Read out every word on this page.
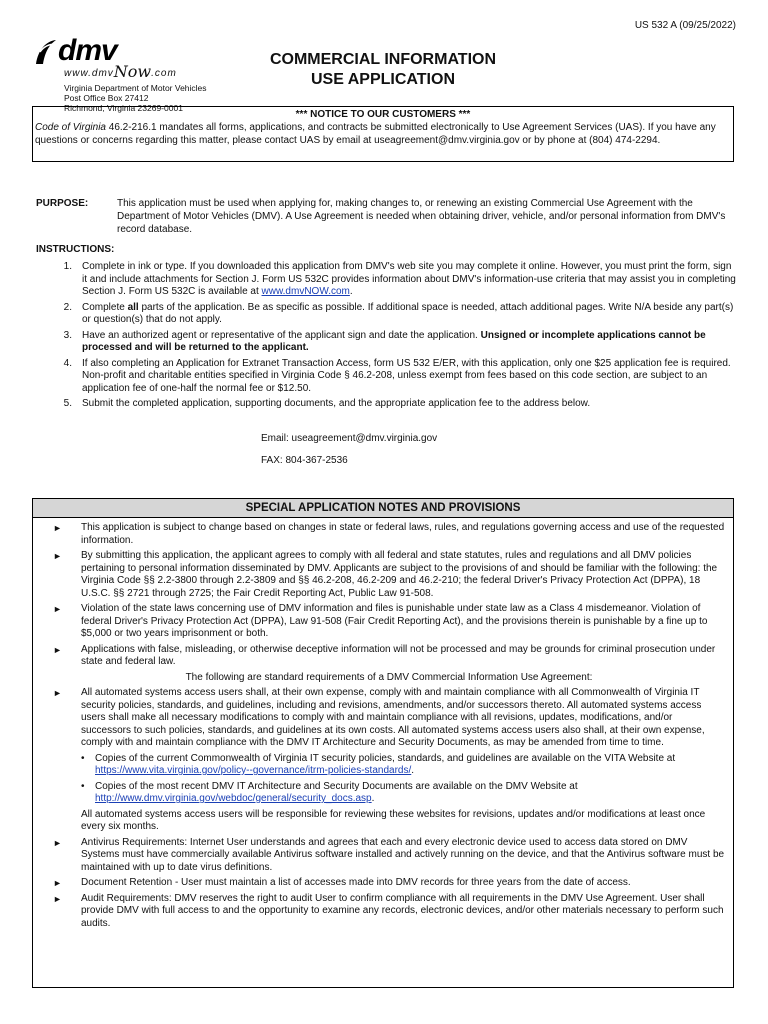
US 532 A (09/25/2022)
dmv
www.dmv Now .com
Virginia Department of Motor Vehicles
Post Office Box 27412
Richmond, Virginia 23269-0001
COMMERCIAL INFORMATION
USE APPLICATION
*** NOTICE TO OUR CUSTOMERS ***
Code of Virginia 46.2-216.1 mandates all forms, applications, and contracts be submitted electronically to Use Agreement Services (UAS). If you have any questions or concerns regarding this matter, please contact UAS by email at useagreement@dmv.virginia.gov or by phone at (804) 474-2294.
PURPOSE:	This application must be used when applying for, making changes to, or renewing an existing Commercial Use Agreement with the Department of Motor Vehicles (DMV). A Use Agreement is needed when obtaining driver, vehicle, and/or personal information from DMV's record database.
INSTRUCTIONS:
1.	Complete in ink or type. If you downloaded this application from DMV's web site you may complete it online. However, you must print the form, sign it and include attachments for Section J. Form US 532C provides information about DMV's information-use criteria that may assist you in completing Section J. Form US 532C is available at www.dmvNOW.com.
2.	Complete all parts of the application. Be as specific as possible. If additional space is needed, attach additional pages. Write N/A beside any part(s) or question(s) that do not apply.
3.	Have an authorized agent or representative of the applicant sign and date the application. Unsigned or incomplete applications cannot be processed and will be returned to the applicant.
4.	If also completing an Application for Extranet Transaction Access, form US 532 E/ER, with this application, only one $25 application fee is required. Non-profit and charitable entities specified in Virginia Code § 46.2-208, unless exempt from fees based on this code section, are subject to an application fee of one-half the normal fee or $12.50.
5.	Submit the completed application, supporting documents, and the appropriate application fee to the address below.
Email: useagreement@dmv.virginia.gov
FAX: 804-367-2536
SPECIAL APPLICATION NOTES AND PROVISIONS
►	This application is subject to change based on changes in state or federal laws, rules, and regulations governing access and use of the requested information.
►	By submitting this application, the applicant agrees to comply with all federal and state statutes, rules and regulations and all DMV policies pertaining to personal information disseminated by DMV. Applicants are subject to the provisions of and should be familiar with the following: the Virginia Code §§ 2.2-3800 through 2.2-3809 and §§ 46.2-208, 46.2-209 and 46.2-210; the federal Driver's Privacy Protection Act (DPPA), 18 U.S.C. §§ 2721 through 2725; the Fair Credit Reporting Act, Public Law 91-508.
►	Violation of the state laws concerning use of DMV information and files is punishable under state law as a Class 4 misdemeanor. Violation of federal Driver's Privacy Protection Act (DPPA), Law 91-508 (Fair Credit Reporting Act), and the provisions therein is punishable by a fine up to $5,000 or two years imprisonment or both.
►	Applications with false, misleading, or otherwise deceptive information will not be processed and may be grounds for criminal prosecution under state and federal law.
The following are standard requirements of a DMV Commercial Information Use Agreement:
►	All automated systems access users shall, at their own expense, comply with and maintain compliance with all Commonwealth of Virginia IT security policies, standards, and guidelines, including and revisions, amendments, and/or successors thereto. All automated systems access users shall make all necessary modifications to comply with and maintain compliance with all revisions, updates, modifications, and/or successors to such policies, standards, and guidelines at its own costs. All automated systems access users also shall, at their own expense, comply with and maintain compliance with the DMV IT Architecture and Security Documents, as may be amended from time to time.
•	Copies of the current Commonwealth of Virginia IT security policies, standards, and guidelines are available on the VITA Website at https://www.vita.virginia.gov/policy--governance/itrm-policies-standards/.
•	Copies of the most recent DMV IT Architecture and Security Documents are available on the DMV Website at http://www.dmv.virginia.gov/webdoc/general/security_docs.asp.
All automated systems access users will be responsible for reviewing these websites for revisions, updates and/or modifications at least once every six months.
►	Antivirus Requirements: Internet User understands and agrees that each and every electronic device used to access data stored on DMV Systems must have commercially available Antivirus software installed and actively running on the device, and that the Antivirus software must be maintained with up to date virus definitions.
►	Document Retention - User must maintain a list of accesses made into DMV records for three years from the date of access.
►	Audit Requirements: DMV reserves the right to audit User to confirm compliance with all requirements in the DMV Use Agreement. User shall provide DMV with full access to and the opportunity to examine any records, electronic devices, and/or other materials necessary to perform such audits.
